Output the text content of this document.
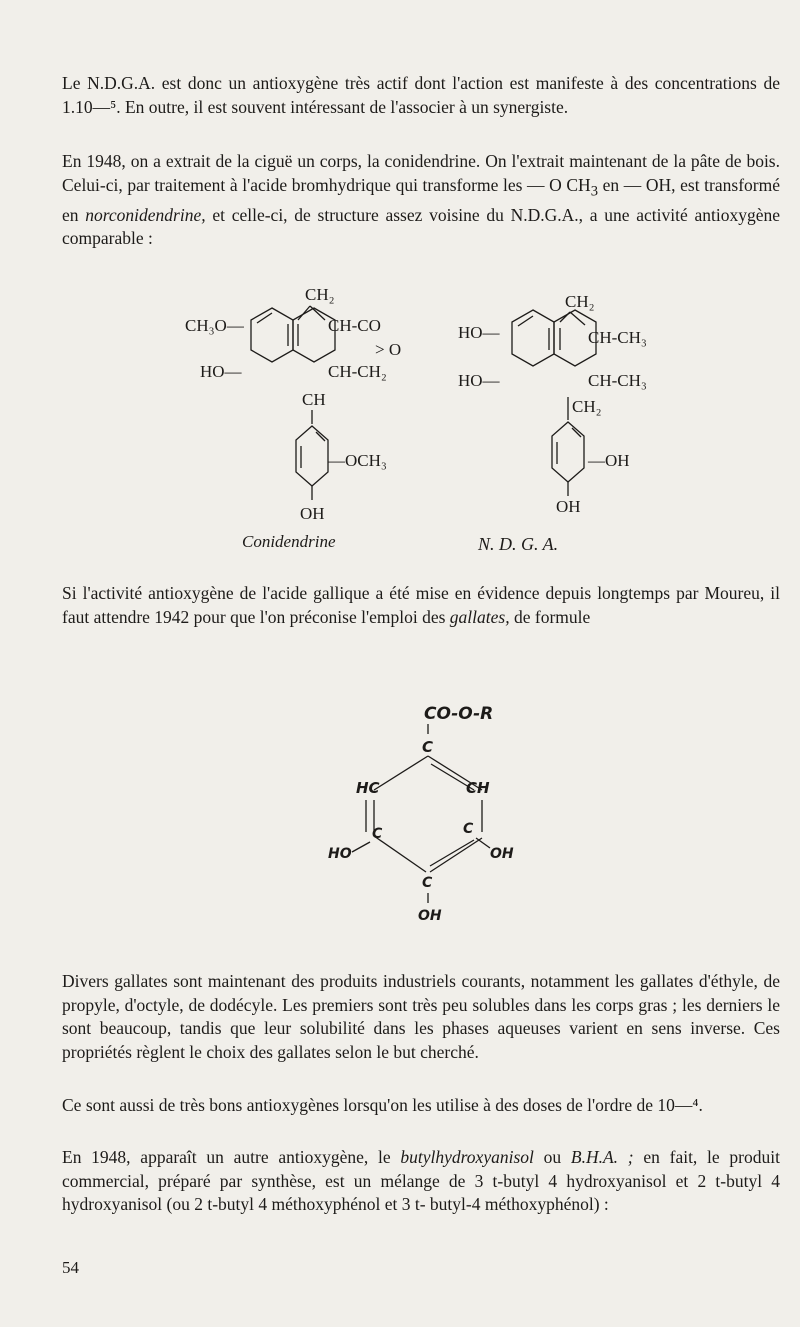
Le N.D.G.A. est donc un antioxygène très actif dont l'action est manifeste à des concentrations de 1.10—⁵. En outre, il est souvent intéressant de l'associer à un synergiste.

En 1948, on a extrait de la ciguë un corps, la conidendrine. On l'extrait maintenant de la pâte de bois. Celui-ci, par traitement à l'acide bromhydrique qui transforme les — O $CH_3$ en — OH, est transformé en norconidendrine, et celle-ci, de structure assez voisine du N.D.G.A., a une activité antioxygène comparable :

CH₂
CH₃O—	CH-CO
> O
HO—	CH-CH₂
CH
—OCH₃
OH
Conidendrine
CH₂
HO—	CH-CH₃
HO—	CH-CH₃
CH₂
—OH
OH
N. D. G. A.

Si l'activité antioxygène de l'acide gallique a été mise en évidence depuis longtemps par Moureu, il faut attendre 1942 pour que l'on préconise l'emploi des gallates, de formule

CO-O-R
C
HC	CH
C	C
HO	OH
C
OH

Divers gallates sont maintenant des produits industriels courants, notamment les gallates d'éthyle, de propyle, d'octyle, de dodécyle. Les premiers sont très peu solubles dans les corps gras ; les derniers le sont beaucoup, tandis que leur solubilité dans les phases aqueuses varient en sens inverse. Ces propriétés règlent le choix des gallates selon le but cherché.

Ce sont aussi de très bons antioxygènes lorsqu'on les utilise à des doses de l'ordre de 10—⁴.

En 1948, apparaît un autre antioxygène, le butylhydroxyanisol ou B.H.A. ; en fait, le produit commercial, préparé par synthèse, est un mélange de 3 t-butyl 4 hydroxyanisol et 2 t-butyl 4 hydroxyanisol (ou 2 t-butyl 4 méthoxyphénol et 3 t- butyl-4 méthoxyphénol) :

54
